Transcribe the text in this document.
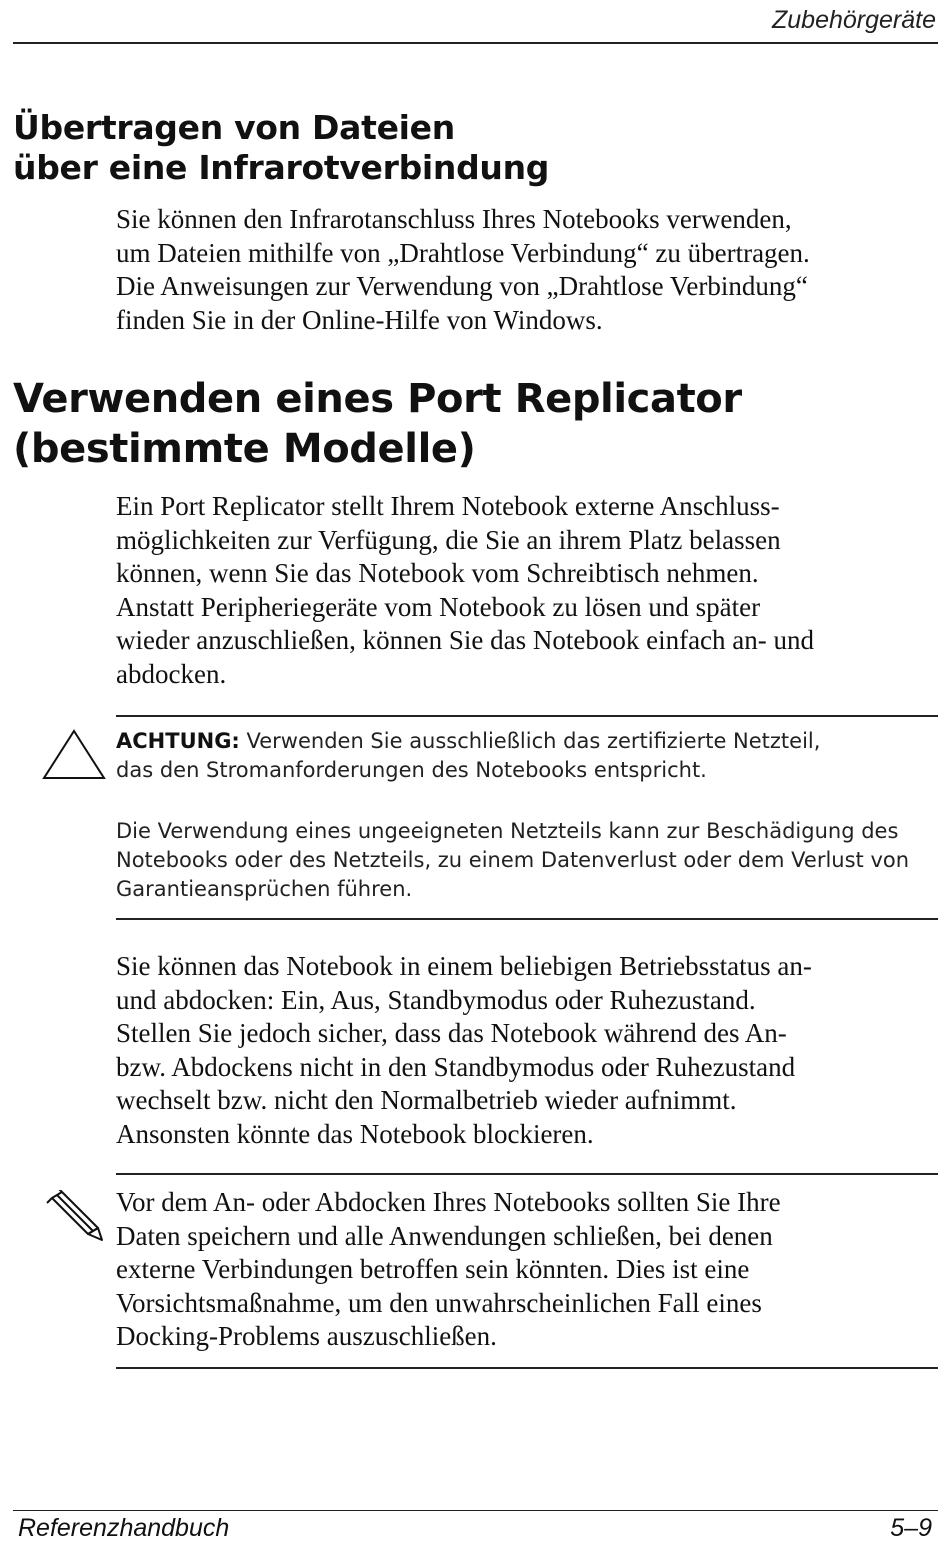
Zubehörgeräte
Übertragen von Dateien
über eine Infrarotverbindung
Sie können den Infrarotanschluss Ihres Notebooks verwenden,
um Dateien mithilfe von „Drahtlose Verbindung“ zu übertragen.
Die Anweisungen zur Verwendung von „Drahtlose Verbindung“
finden Sie in der Online-Hilfe von Windows.
Verwenden eines Port Replicator
(bestimmte Modelle)
Ein Port Replicator stellt Ihrem Notebook externe Anschluss-
möglichkeiten zur Verfügung, die Sie an ihrem Platz belassen
können, wenn Sie das Notebook vom Schreibtisch nehmen.
Anstatt Peripheriegeräte vom Notebook zu lösen und später
wieder anzuschließen, können Sie das Notebook einfach an- und
abdocken.
ACHTUNG: Verwenden Sie ausschließlich das zertifizierte Netzteil,
das den Stromanforderungen des Notebooks entspricht.
Die Verwendung eines ungeeigneten Netzteils kann zur Beschädigung des
Notebooks oder des Netzteils, zu einem Datenverlust oder dem Verlust von
Garantieansprüchen führen.
Sie können das Notebook in einem beliebigen Betriebsstatus an-
und abdocken: Ein, Aus, Standbymodus oder Ruhezustand.
Stellen Sie jedoch sicher, dass das Notebook während des An-
bzw. Abdockens nicht in den Standbymodus oder Ruhezustand
wechselt bzw. nicht den Normalbetrieb wieder aufnimmt.
Ansonsten könnte das Notebook blockieren.
Vor dem An- oder Abdocken Ihres Notebooks sollten Sie Ihre
Daten speichern und alle Anwendungen schließen, bei denen
externe Verbindungen betroffen sein könnten. Dies ist eine
Vorsichtsmaßnahme, um den unwahrscheinlichen Fall eines
Docking-Problems auszuschließen.
Referenzhandbuch	5–9
